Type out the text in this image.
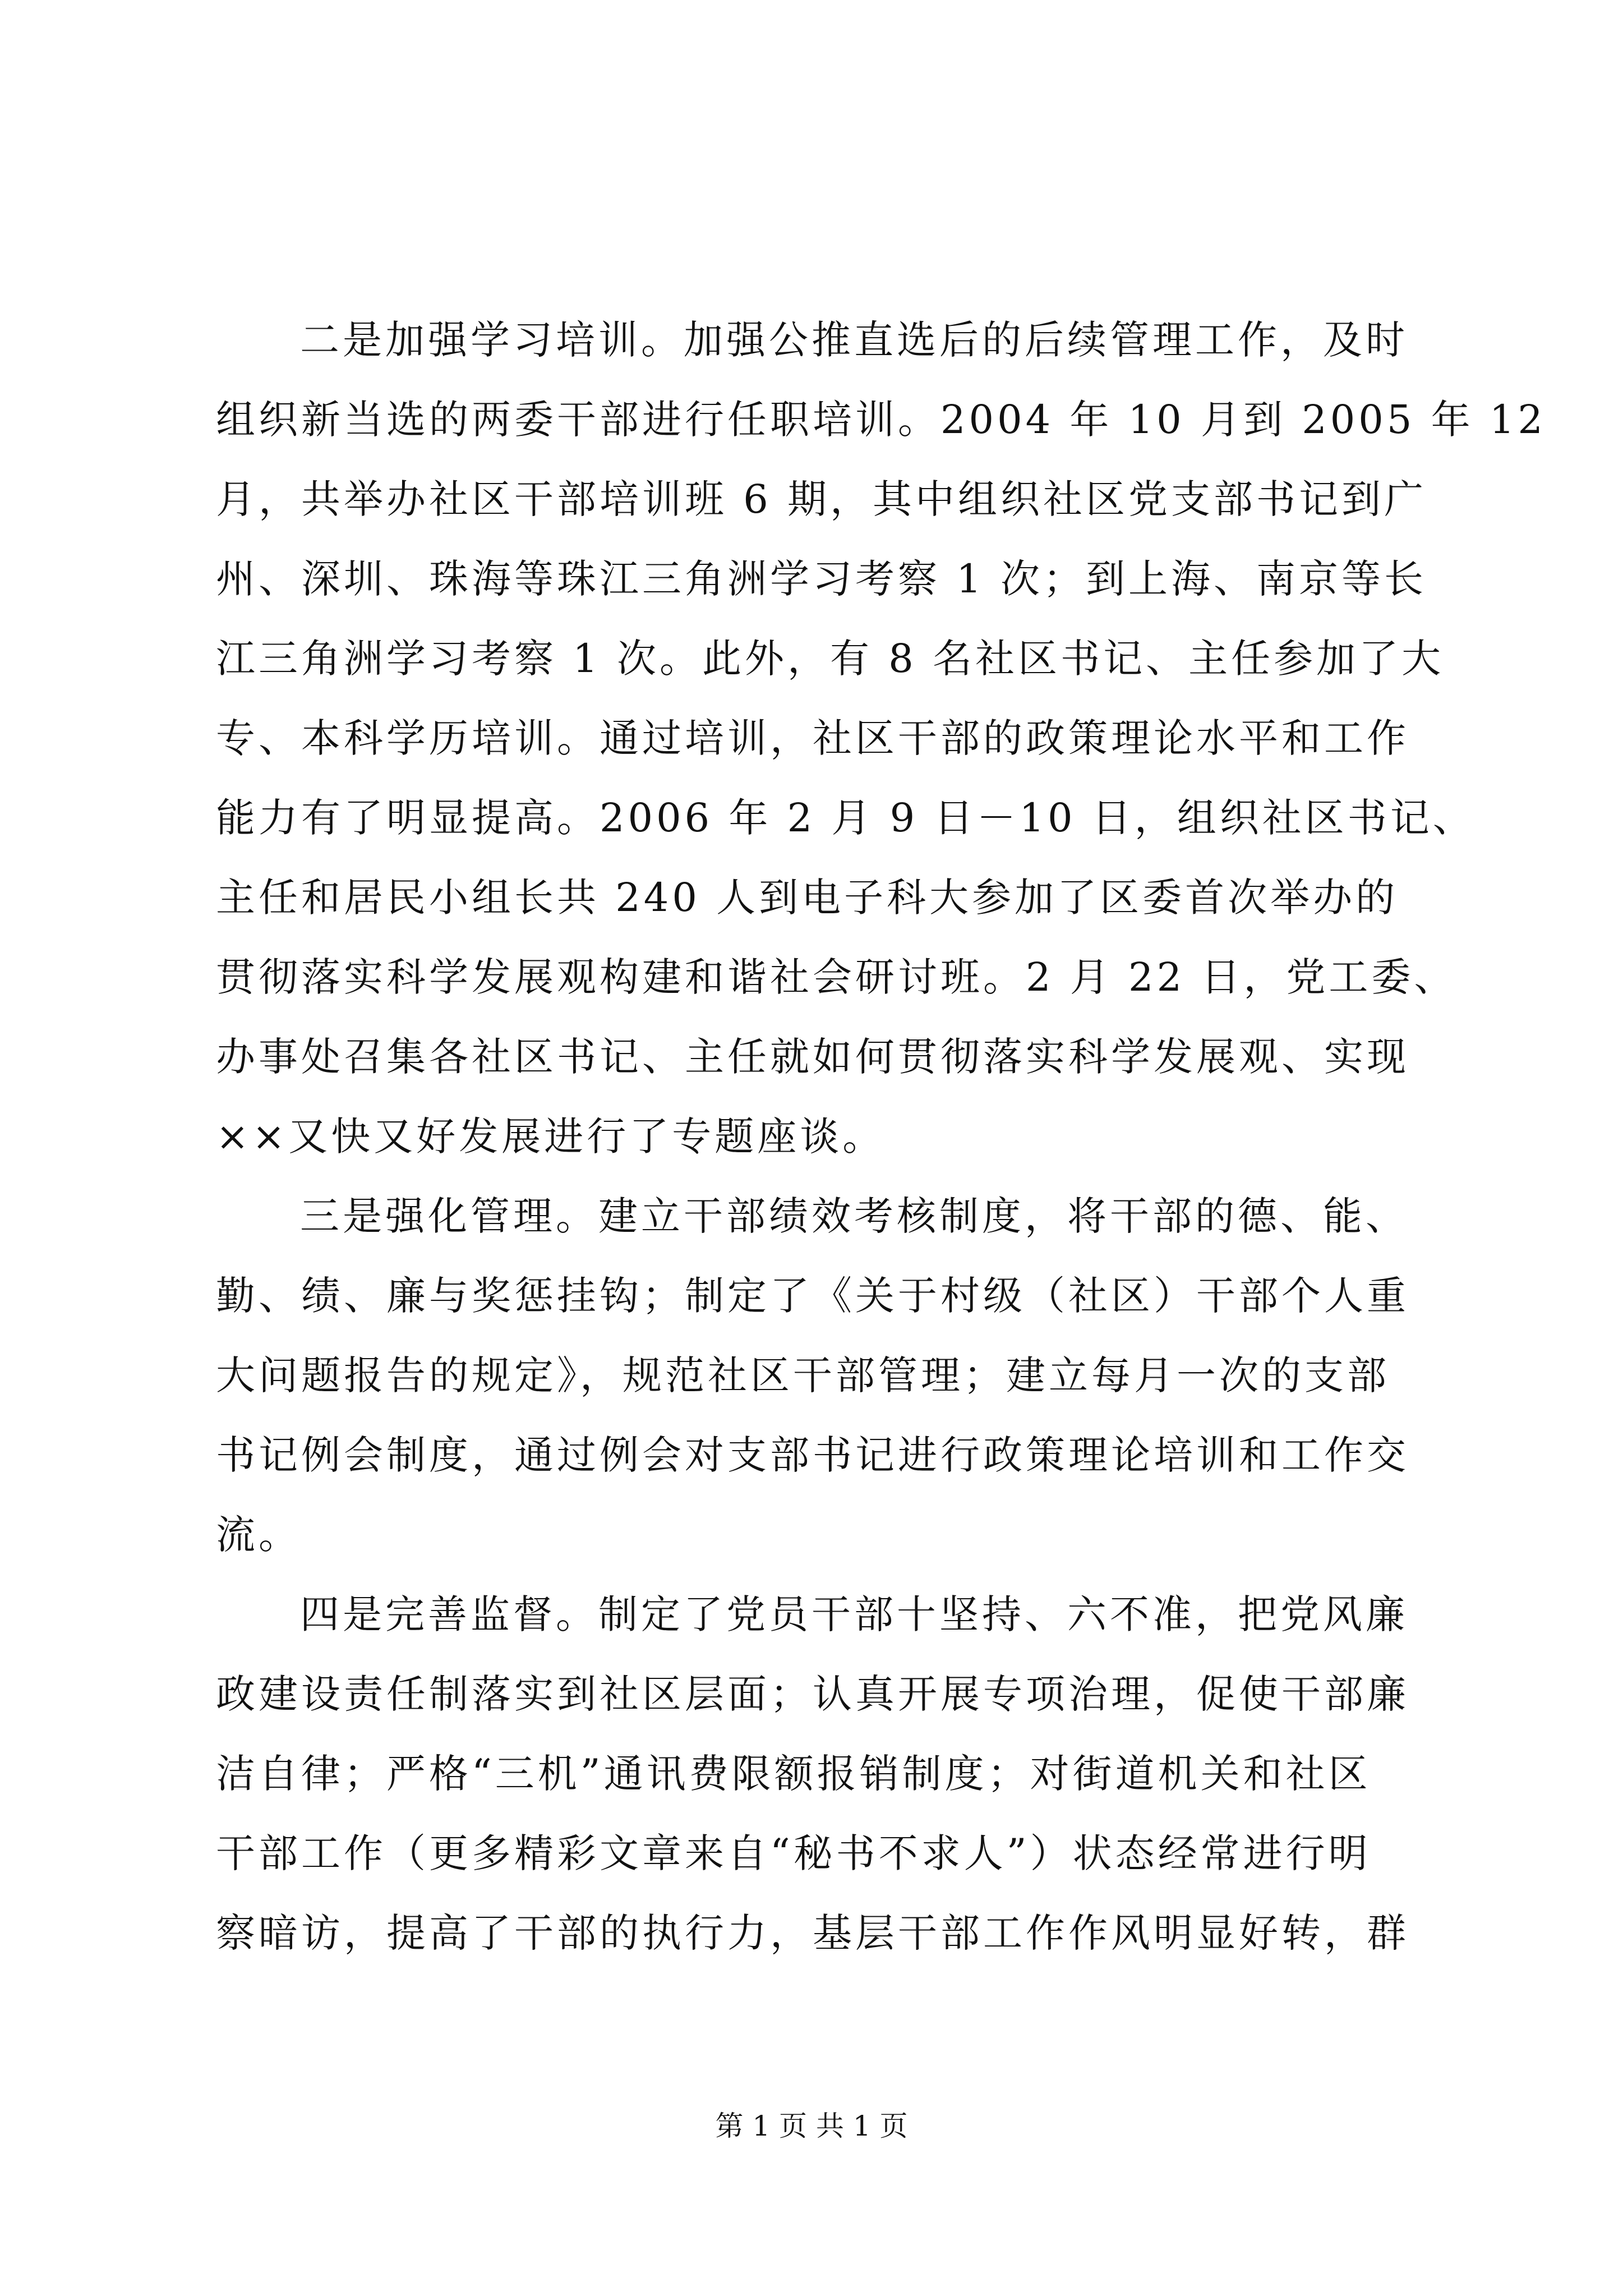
二是加强学习培训。加强公推直选后的后续管理工作，及时
组织新当选的两委干部进行任职培训。2004 年 10 月到 2005 年 12
月，共举办社区干部培训班 6 期，其中组织社区党支部书记到广
州、深圳、珠海等珠江三角洲学习考察 1 次；到上海、南京等长
江三角洲学习考察 1 次。此外，有 8 名社区书记、主任参加了大
专、本科学历培训。通过培训，社区干部的政策理论水平和工作
能力有了明显提高。2006 年 2 月 9 日－10 日，组织社区书记、
主任和居民小组长共 240 人到电子科大参加了区委首次举办的
贯彻落实科学发展观构建和谐社会研讨班。2 月 22 日，党工委、
办事处召集各社区书记、主任就如何贯彻落实科学发展观、实现
××又快又好发展进行了专题座谈。
三是强化管理。建立干部绩效考核制度，将干部的德、能、
勤、绩、廉与奖惩挂钩；制定了《关于村级（社区）干部个人重
大问题报告的规定》，规范社区干部管理；建立每月一次的支部
书记例会制度，通过例会对支部书记进行政策理论培训和工作交
流。
四是完善监督。制定了党员干部十坚持、六不准，把党风廉
政建设责任制落实到社区层面；认真开展专项治理，促使干部廉
洁自律；严格“三机”通讯费限额报销制度；对街道机关和社区
干部工作（更多精彩文章来自“秘书不求人”）状态经常进行明
察暗访，提高了干部的执行力，基层干部工作作风明显好转，群
第 1 页 共 1 页
